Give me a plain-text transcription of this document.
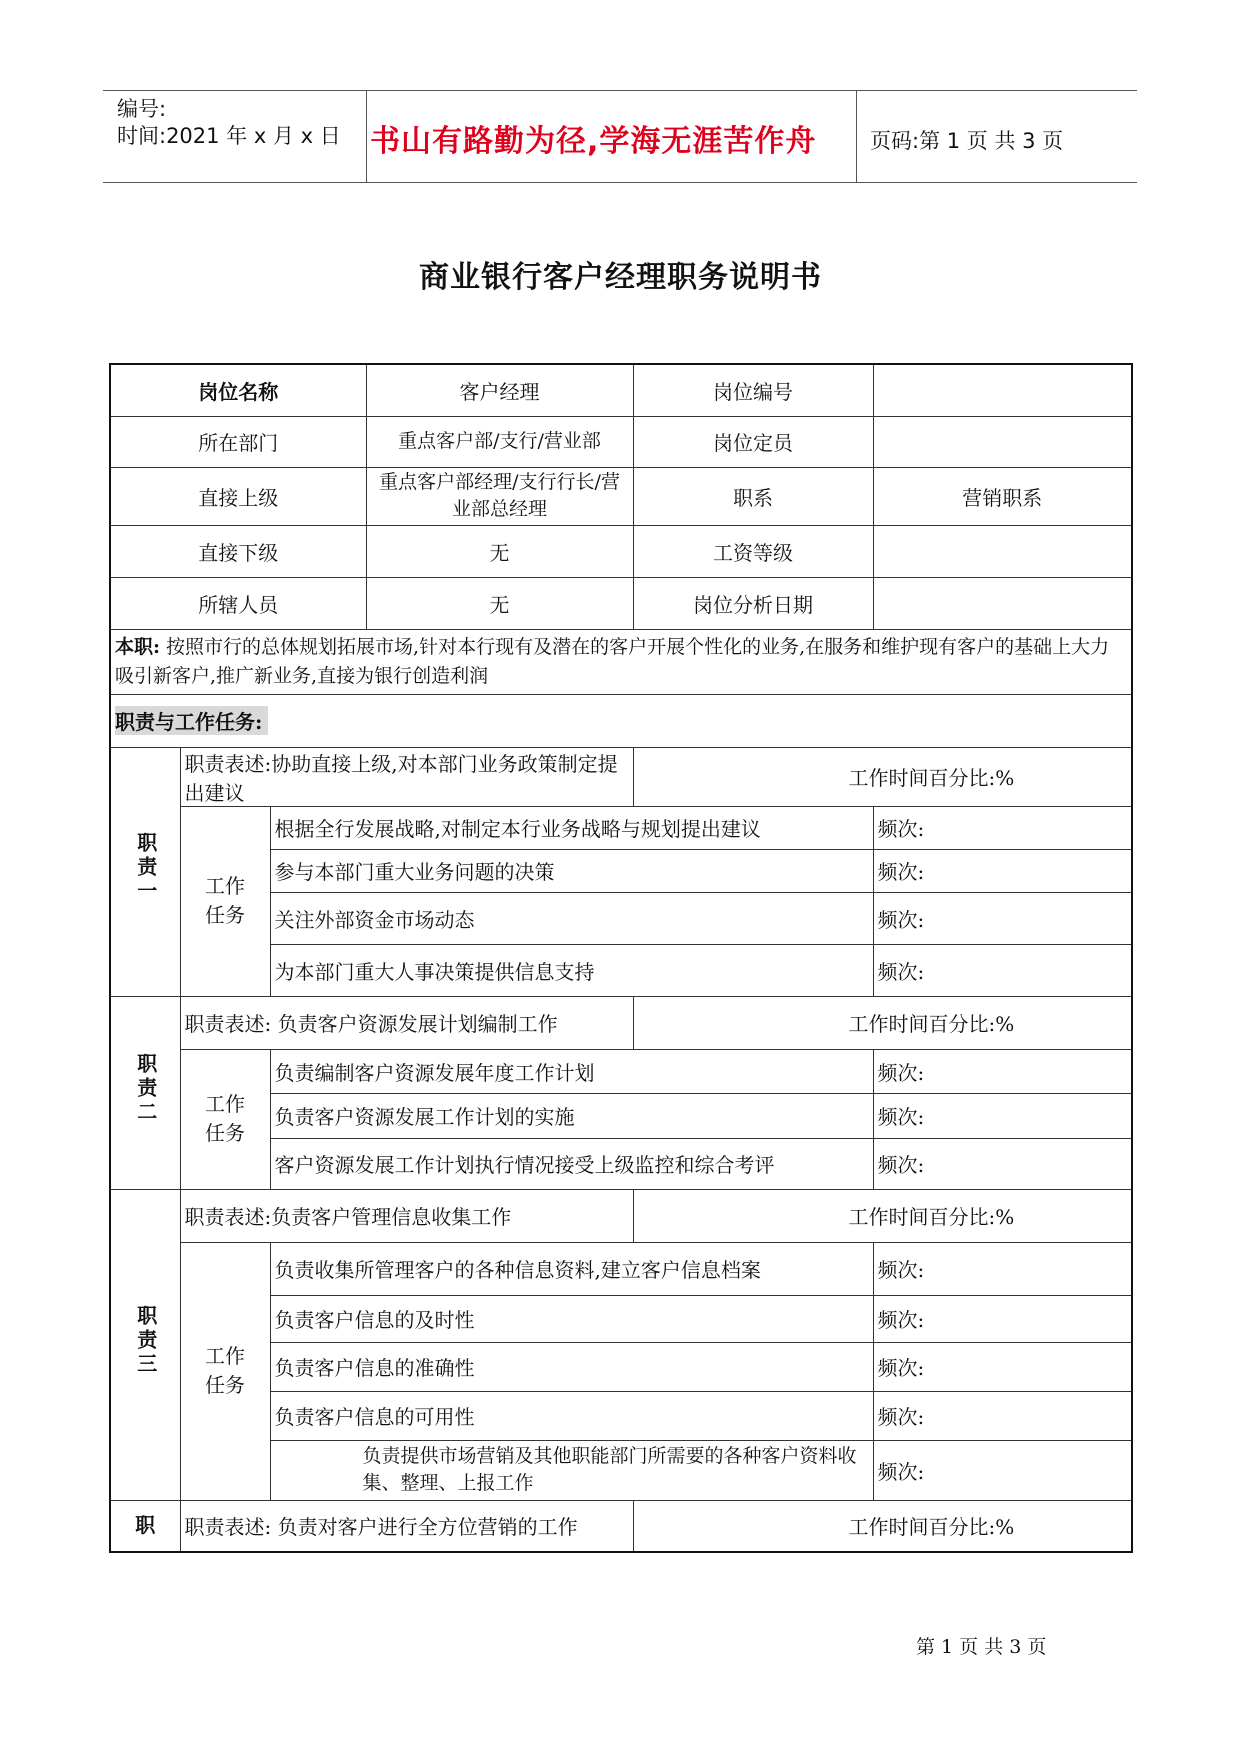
编号:
时间:2021 年 x 月 x 日 书山有路勤为径,学海无涯苦作舟	页码:第 1 页 共 3 页
商业银行客户经理职务说明书
岗位名称			客户经理	岗位编号	
所在部门			重点客户部/支行/营业部	岗位定员	
直接上级			重点客户部经理/支行行长/营业部总经理	职系	营销职系
直接下级			无	工资等级	
所辖人员			无	岗位分析日期	
本职: 按照市行的总体规划拓展市场,针对本行现有及潜在的客户开展个性化的业务,在服务和维护现有客户的基础上大力吸引新客户,推广新业务,直接为银行创造利润					
职责与工作任务:					
职责一	职责表述:协助直接上级,对本部门业务政策制定提出建议			工作时间百分比:%	
	工作任务	根据全行发展战略,对制定本行业务战略与规划提出建议			频次:
		参与本部门重大业务问题的决策			频次:
		关注外部资金市场动态			频次:
		为本部门重大人事决策提供信息支持			频次:
职责二	职责表述: 负责客户资源发展计划编制工作			工作时间百分比:%	
	工作任务	负责编制客户资源发展年度工作计划			频次:
		负责客户资源发展工作计划的实施			频次:
		客户资源发展工作计划执行情况接受上级监控和综合考评			频次:
职责三	职责表述:负责客户管理信息收集工作			工作时间百分比:%	
	工作任务	负责收集所管理客户的各种信息资料,建立客户信息档案			频次:
		负责客户信息的及时性			频次:
		负责客户信息的准确性			频次:
		负责客户信息的可用性			频次:
		负责提供市场营销及其他职能部门所需要的各种客户资料收集、整理、上报工作			频次:
职	职责表述: 负责对客户进行全方位营销的工作			工作时间百分比:%	
第 1 页 共 3 页
